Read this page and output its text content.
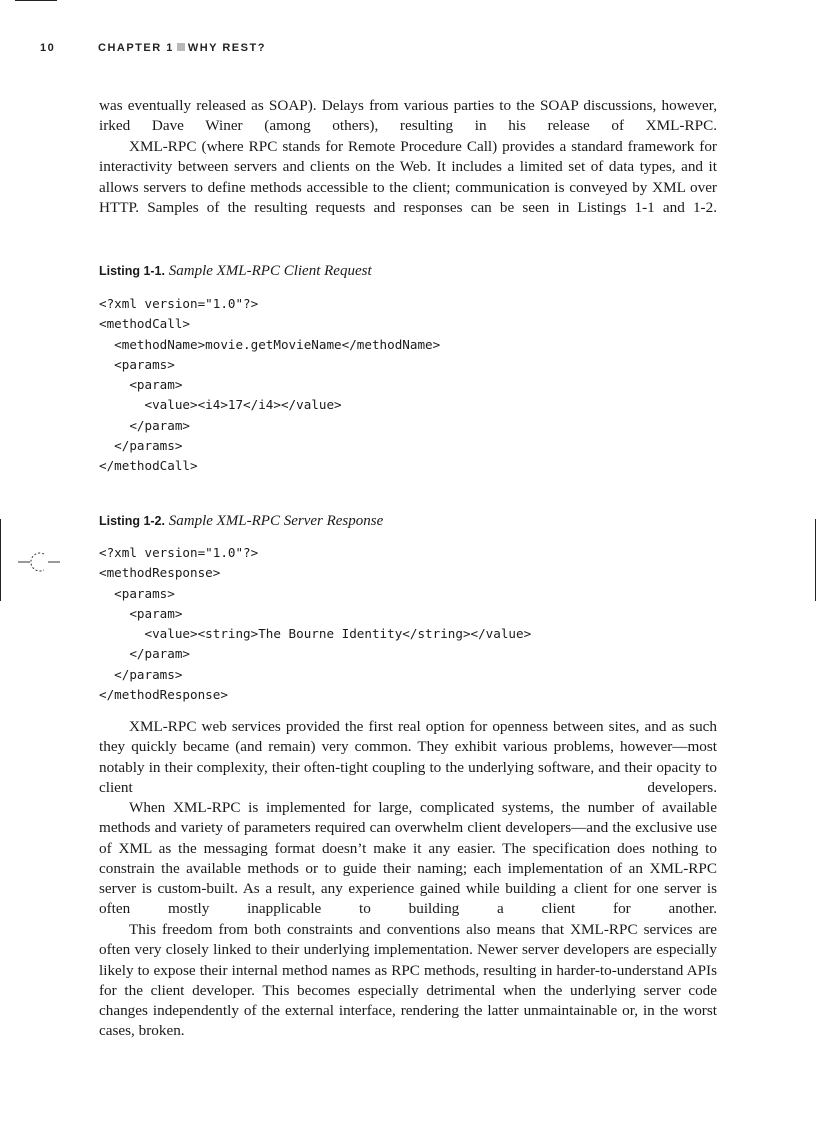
10	CHAPTER 1 WHY REST?

was eventually released as SOAP). Delays from various parties to the SOAP discussions, however, irked Dave Winer (among others), resulting in his release of XML-RPC.

XML-RPC (where RPC stands for Remote Procedure Call) provides a standard framework for interactivity between servers and clients on the Web. It includes a limited set of data types, and it allows servers to define methods accessible to the client; communication is conveyed by XML over HTTP. Samples of the resulting requests and responses can be seen in Listings 1-1 and 1-2.

Listing 1-1. Sample XML-RPC Client Request
<?xml version="1.0"?>
<methodCall>
<methodName>movie.getMovieName</methodName>
<params>
<param>
<value><i4>17</i4></value>
</param>
</params>
</methodCall>
Listing 1-2. Sample XML-RPC Server Response
<?xml version="1.0"?>
<methodResponse>
<params>
<param>
<value><string>The Bourne Identity</string></value>
</param>
</params>
</methodResponse>

XML-RPC web services provided the first real option for openness between sites, and as such they quickly became (and remain) very common. They exhibit various problems, however—most notably in their complexity, their often-tight coupling to the underlying software, and their opacity to client developers.

When XML-RPC is implemented for large, complicated systems, the number of available methods and variety of parameters required can overwhelm client developers—and the exclusive use of XML as the messaging format doesn’t make it any easier. The specification does nothing to constrain the available methods or to guide their naming; each implementation of an XML-RPC server is custom-built. As a result, any experience gained while building a client for one server is often mostly inapplicable to building a client for another.

This freedom from both constraints and conventions also means that XML-RPC services are often very closely linked to their underlying implementation. Newer server developers are especially likely to expose their internal method names as RPC methods, resulting in harder-to-understand APIs for the client developer. This becomes especially detrimental when the underlying server code changes independently of the external interface, rendering the latter unmaintainable or, in the worst cases, broken.
